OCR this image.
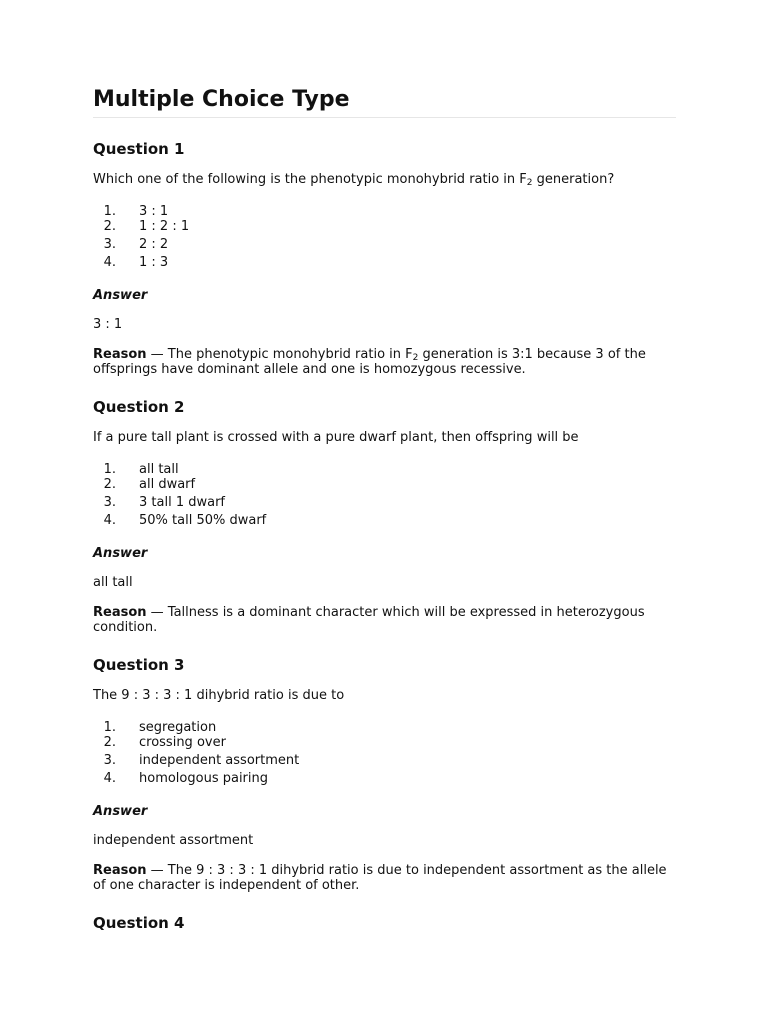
Multiple Choice Type
Question 1

Which one of the following is the phenotypic monohybrid ratio in $F_2$ generation?

1.	3 : 1
2.	1 : 2 : 1
3.	2 : 2
4.	1 : 3

Answer

3 : 1

Reason — The phenotypic monohybrid ratio in $F_2$ generation is 3:1 because 3 of the offsprings have dominant allele and one is homozygous recessive.

Question 2

If a pure tall plant is crossed with a pure dwarf plant, then offspring will be

1.	all tall
2.	all dwarf
3.	3 tall 1 dwarf
4.	50% tall 50% dwarf

Answer

all tall

Reason — Tallness is a dominant character which will be expressed in heterozygous condition.

Question 3

The 9 : 3 : 3 : 1 dihybrid ratio is due to

1.	segregation
2.	crossing over
3.	independent assortment
4.	homologous pairing

Answer

independent assortment

Reason — The 9 : 3 : 3 : 1 dihybrid ratio is due to independent assortment as the allele of one character is independent of other.

Question 4
